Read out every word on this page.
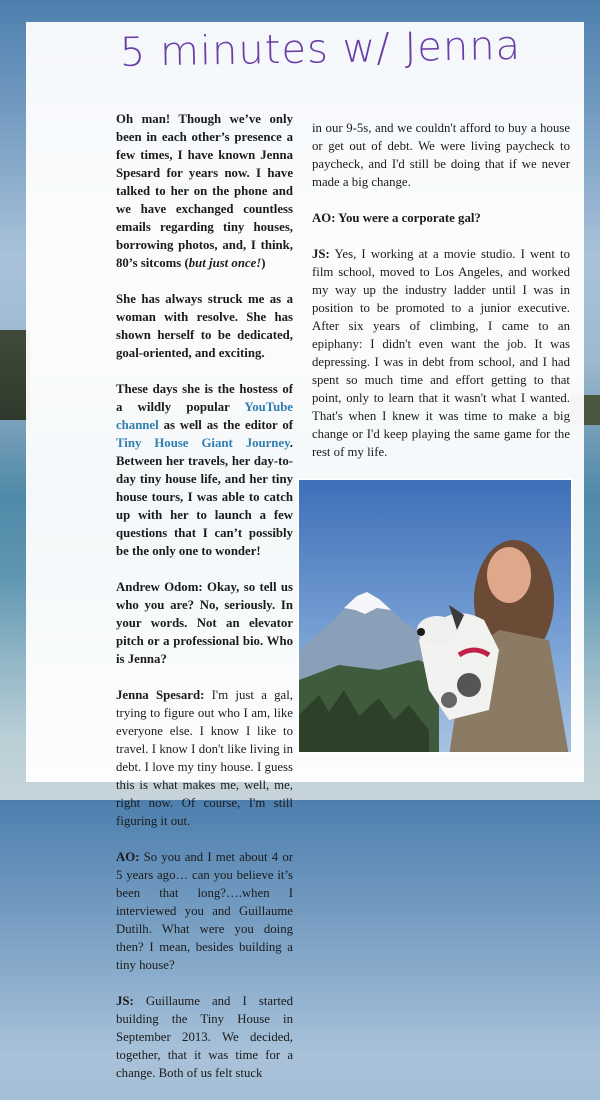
5 minutes w/ Jenna

Oh man! Though we’ve only been in each other’s presence a few times, I have known Jenna Spesard for years now. I have talked to her on the phone and we have exchanged countless emails regarding tiny houses, borrowing photos, and, I think, 80’s sitcoms (but just once!)

She has always struck me as a woman with resolve. She has shown herself to be dedicated, goal-oriented, and exciting.

These days she is the hostess of a wildly popular YouTube channel as well as the editor of Tiny House Giant Journey. Between her travels, her day-to-day tiny house life, and her tiny house tours, I was able to catch up with her to launch a few questions that I can’t possibly be the only one to wonder!

Andrew Odom: Okay, so tell us who you are? No, seriously. In your words. Not an elevator pitch or a professional bio. Who is Jenna?

Jenna Spesard: I'm just a gal, trying to figure out who I am, like everyone else. I know I like to travel. I know I don't like living in debt. I love my tiny house. I guess this is what makes me, well, me, right now. Of course, I'm still figuring it out.

AO: So you and I met about 4 or 5 years ago… can you believe it’s been that long?….when I interviewed you and Guillaume Dutilh. What were you doing then? I mean, besides building a tiny house?

JS: Guillaume and I started building the Tiny House in September 2013. We decided, together, that it was time for a change. Both of us felt stuck

in our 9-5s, and we couldn't afford to buy a house or get out of debt. We were living paycheck to paycheck, and I'd still be doing that if we never made a big change.

AO: You were a corporate gal?

JS: Yes, I working at a movie studio. I went to film school, moved to Los Angeles, and worked my way up the industry ladder until I was in position to be promoted to a junior executive. After six years of climbing, I came to an epiphany: I didn't even want the job. It was depressing. I was in debt from school, and I had spent so much time and effort getting to that point, only to learn that it wasn't what I wanted. That's when I knew it was time to make a big change or I'd keep playing the same game for the rest of my life.
